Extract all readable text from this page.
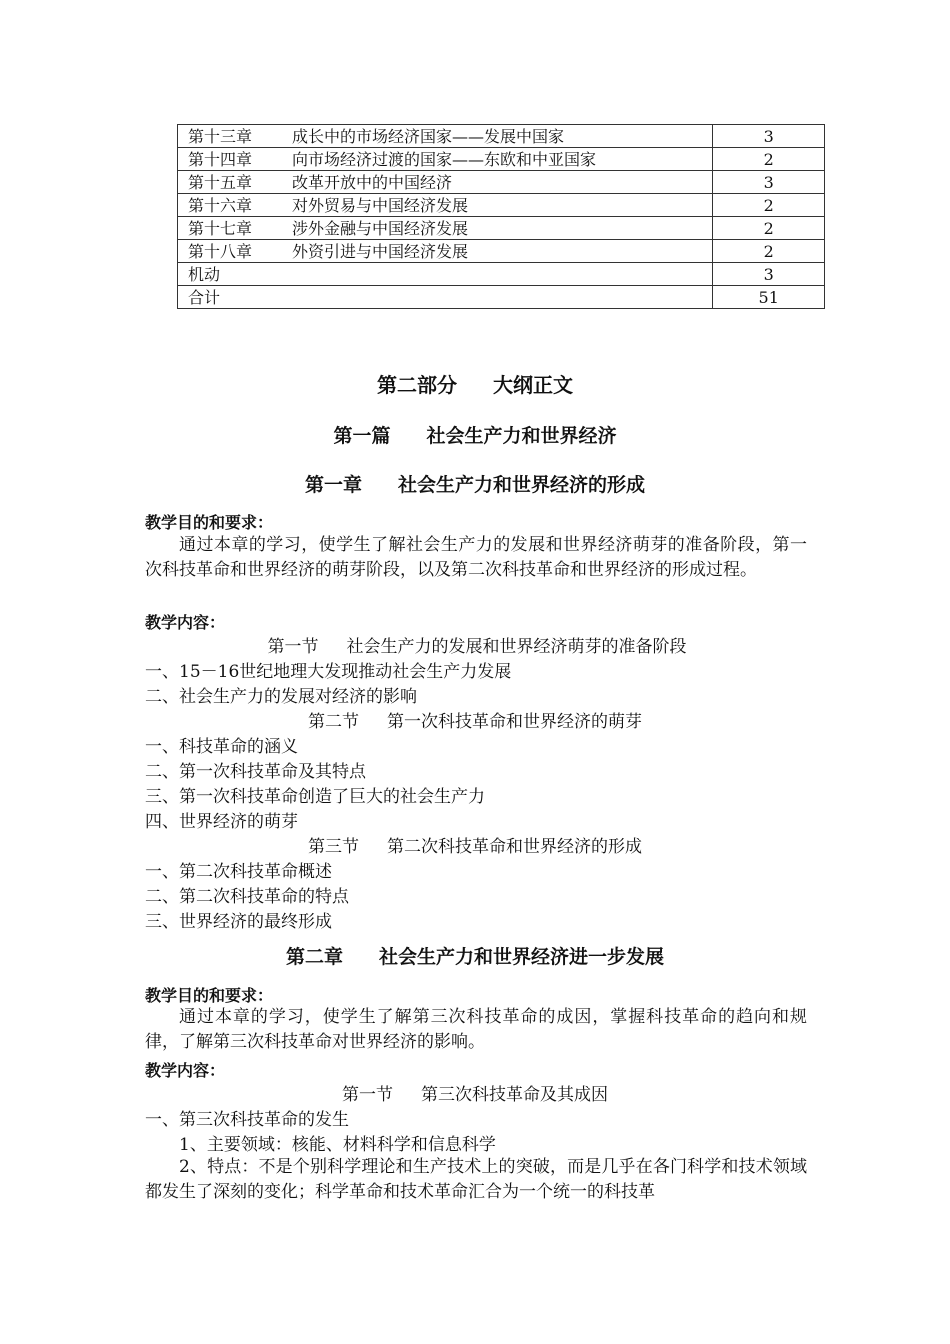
第十三章 成长中的市场经济国家——发展中国家	3
第十四章 向市场经济过渡的国家——东欧和中亚国家	2
第十五章 改革开放中的中国经济	3
第十六章 对外贸易与中国经济发展	2
第十七章 涉外金融与中国经济发展	2
第十八章 外资引进与中国经济发展	2
机动	3
合计	51
第二部分 大纲正文
第一篇 社会生产力和世界经济
第一章 社会生产力和世界经济的形成
教学目的和要求：
通过本章的学习，使学生了解社会生产力的发展和世界经济萌芽的准备阶段，第一次科技革命和世界经济的萌芽阶段，以及第二次科技革命和世界经济的形成过程。
教学内容：
第一节 社会生产力的发展和世界经济萌芽的准备阶段
一、15－16世纪地理大发现推动社会生产力发展
二、社会生产力的发展对经济的影响
第二节 第一次科技革命和世界经济的萌芽
一、科技革命的涵义
二、第一次科技革命及其特点
三、第一次科技革命创造了巨大的社会生产力
四、世界经济的萌芽
第三节 第二次科技革命和世界经济的形成
一、第二次科技革命概述
二、第二次科技革命的特点
三、世界经济的最终形成
第二章 社会生产力和世界经济进一步发展
教学目的和要求：
通过本章的学习，使学生了解第三次科技革命的成因，掌握科技革命的趋向和规律，了解第三次科技革命对世界经济的影响。
教学内容：
第一节 第三次科技革命及其成因
一、第三次科技革命的发生
1、主要领域：核能、材料科学和信息科学
2、特点：不是个别科学理论和生产技术上的突破，而是几乎在各门科学和技术领域都发生了深刻的变化；科学革命和技术革命汇合为一个统一的科技革
